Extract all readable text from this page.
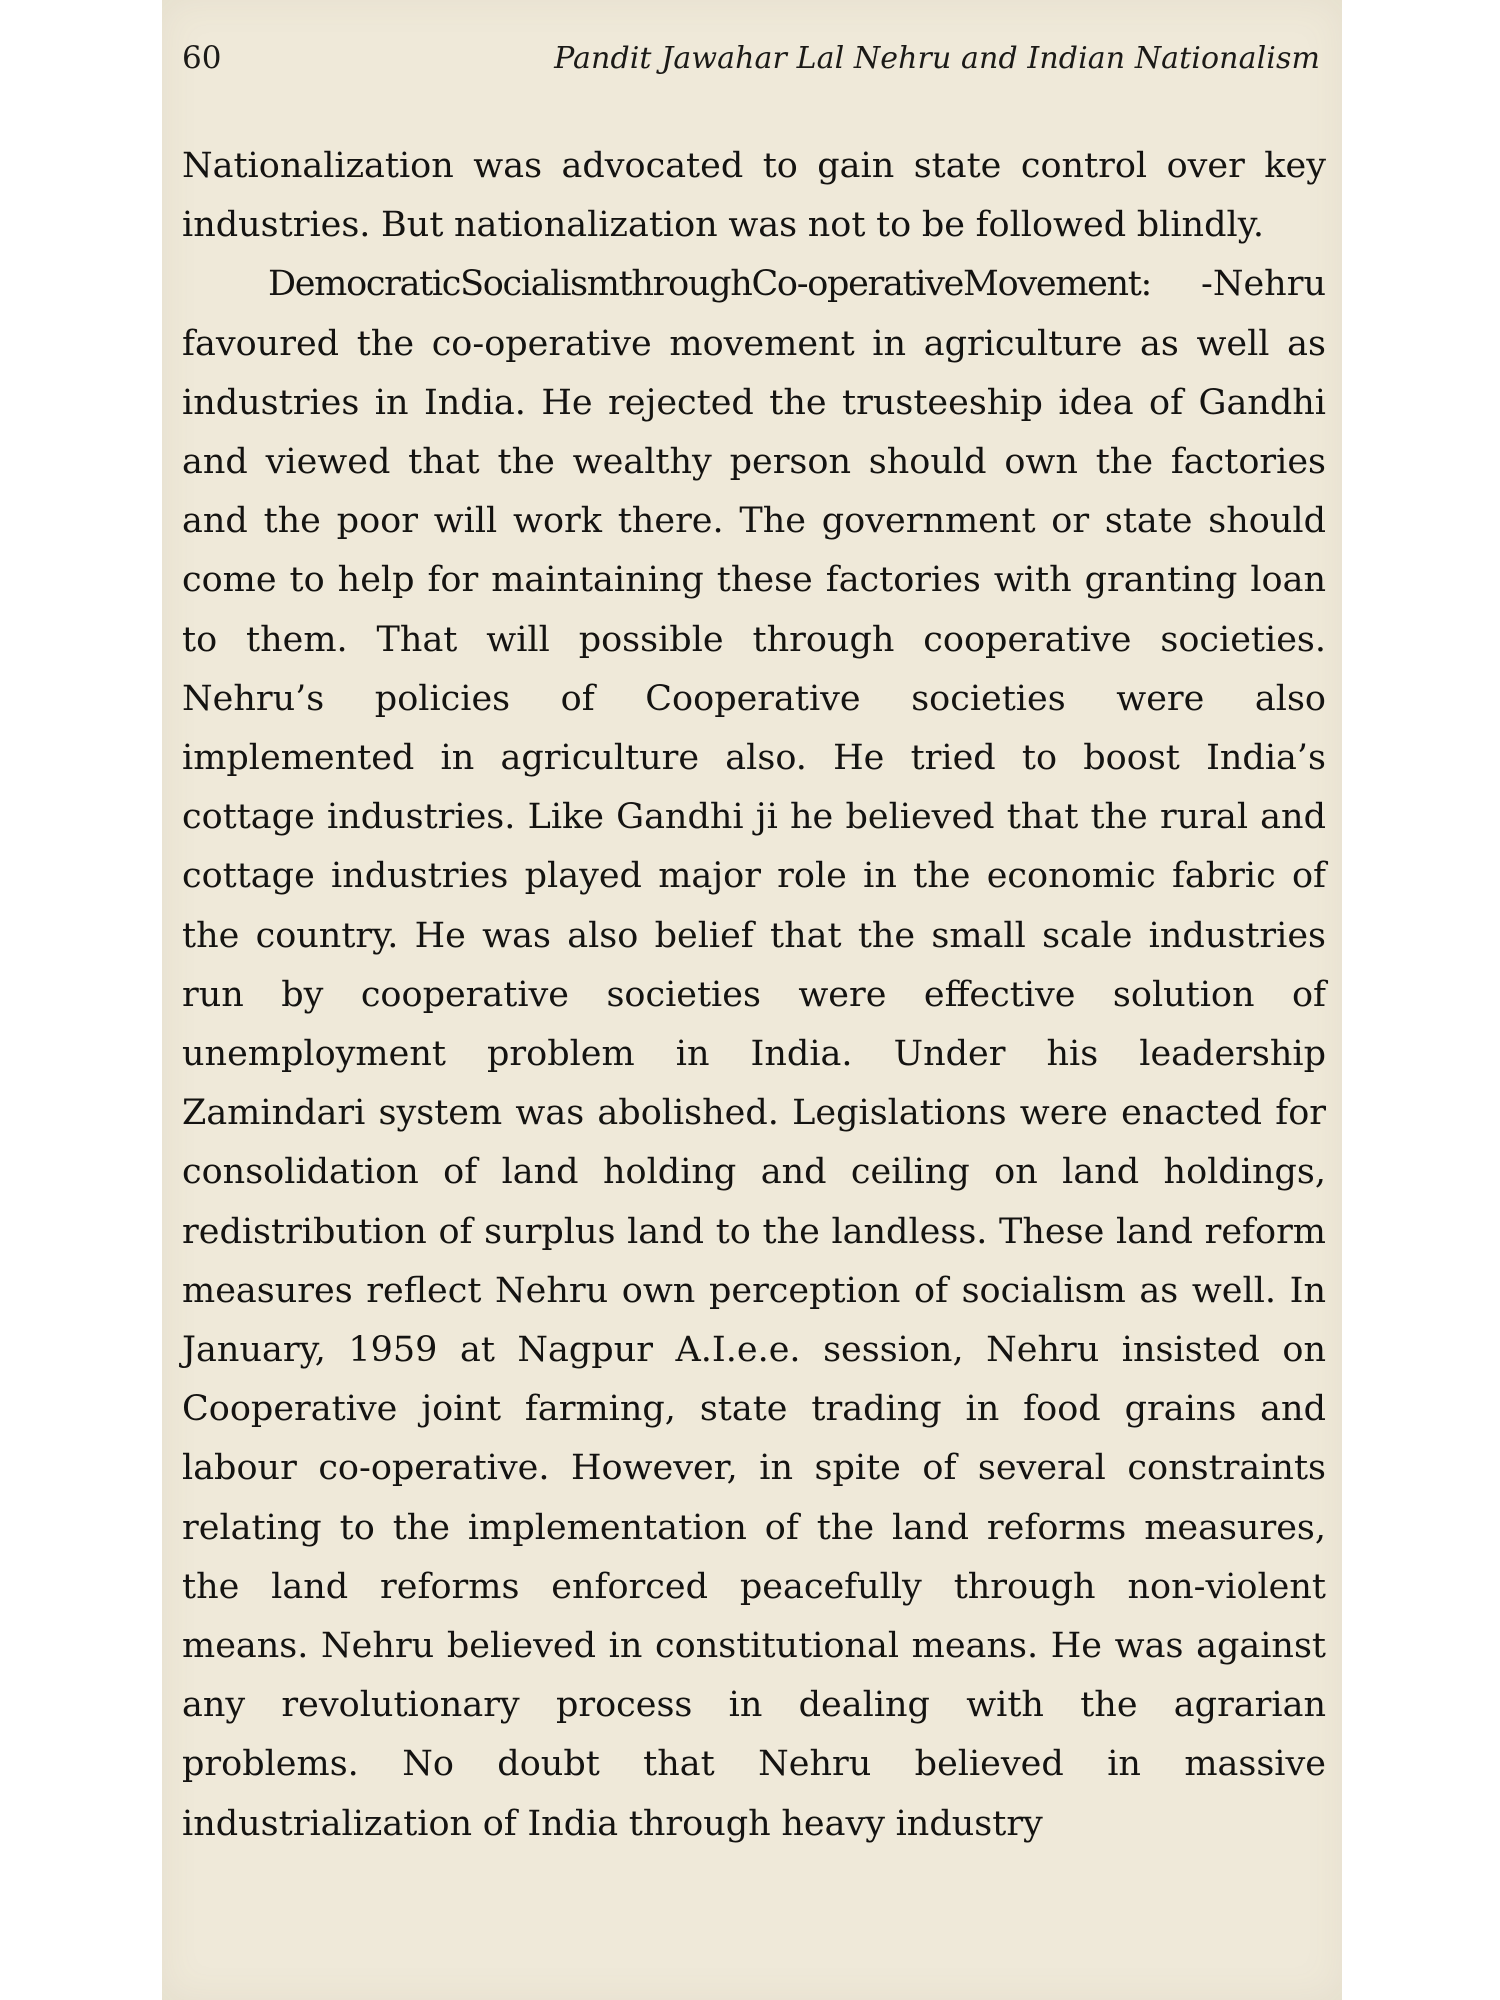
60	Pandit Jawahar Lal Nehru and Indian Nationalism

Nationalization was advocated to gain state control over key industries. But nationalization was not to be followed blindly.

DemocraticSocialismthroughCo-operativeMovement: -Nehru favoured the co-operative movement in agriculture as well as industries in India. He rejected the trusteeship idea of Gandhi and viewed that the wealthy person should own the factories and the poor will work there. The government or state should come to help for maintaining these factories with granting loan to them. That will possible through cooperative societies. Nehru’s policies of Cooperative societies were also implemented in agriculture also. He tried to boost India’s cottage industries. Like Gandhi ji he believed that the rural and cottage industries played major role in the economic fabric of the country. He was also belief that the small scale industries run by cooperative societies were effective solution of unemployment problem in India. Under his leadership Zamindari system was abolished. Legislations were enacted for consolidation of land holding and ceiling on land holdings, redistribution of surplus land to the landless. These land reform measures reflect Nehru own perception of socialism as well. In January, 1959 at Nagpur A.I.e.e. session, Nehru insisted on Cooperative joint farming, state trading in food grains and labour co-operative. However, in spite of several constraints relating to the implementation of the land reforms measures, the land reforms enforced peacefully through non-violent means. Nehru believed in constitutional means. He was against any revolutionary process in dealing with the agrarian problems. No doubt that Nehru believed in massive industrialization of India through heavy industry
